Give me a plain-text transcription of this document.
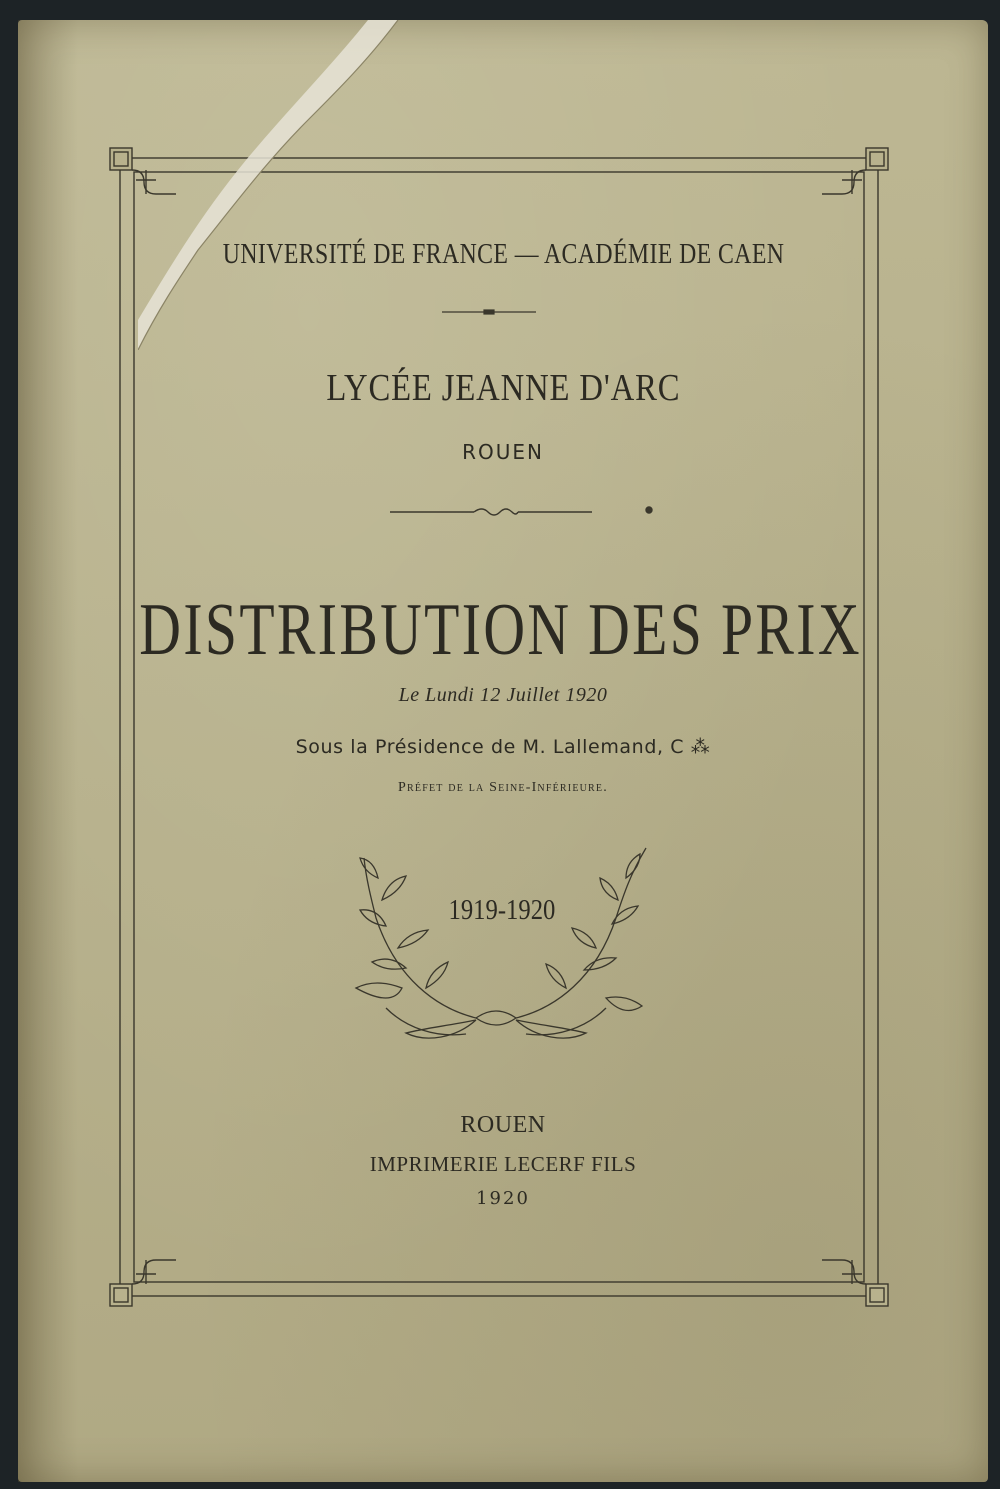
UNIVERSITÉ DE FRANCE — ACADÉMIE DE CAEN
LYCÉE JEANNE D'ARC
ROUEN
DISTRIBUTION DES PRIX
Le Lundi 12 Juillet 1920
Sous la Présidence de M. Lallemand, C ⁂
Préfet de la Seine-Inférieure.
1919-1920
ROUEN
IMPRIMERIE LECERF FILS
1920
